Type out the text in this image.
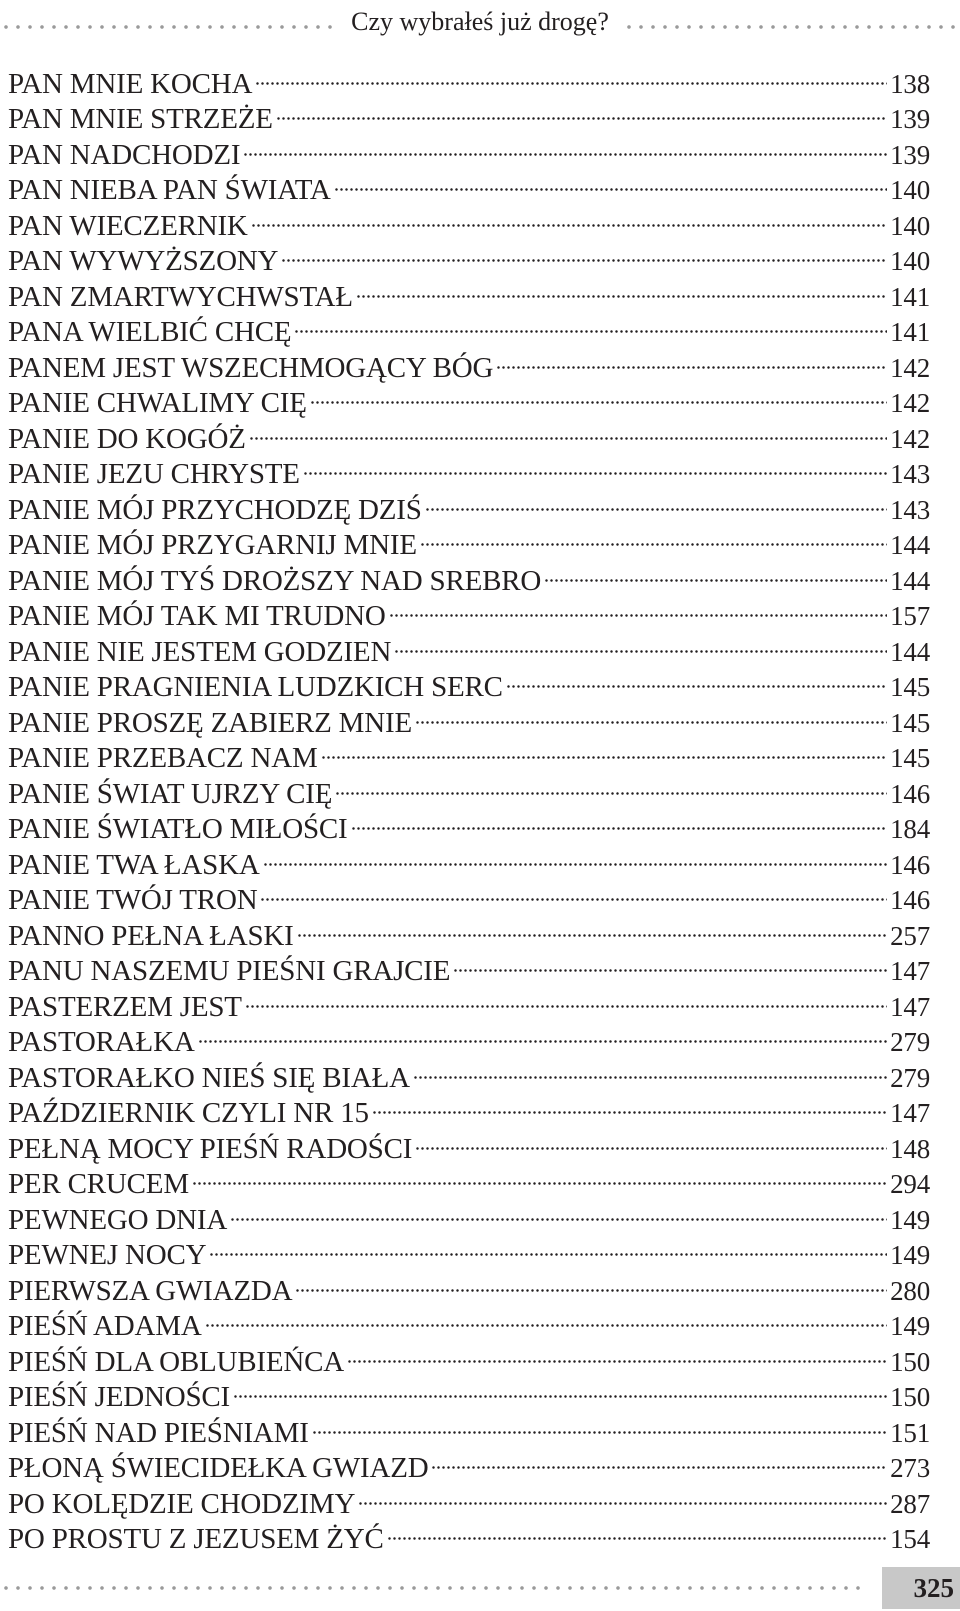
Czy wybrałeś już drogę?
PAN MNIE KOCHA	138
PAN MNIE STRZEŻE	139
PAN NADCHODZI	139
PAN NIEBA PAN ŚWIATA	140
PAN WIECZERNIK	140
PAN WYWYŻSZONY	140
PAN ZMARTWYCHWSTAŁ	141
PANA WIELBIĆ CHCĘ	141
PANEM JEST WSZECHMOGĄCY BÓG	142
PANIE CHWALIMY CIĘ	142
PANIE DO KOGÓŻ	142
PANIE JEZU CHRYSTE	143
PANIE MÓJ PRZYCHODZĘ DZIŚ	143
PANIE MÓJ PRZYGARNIJ MNIE	144
PANIE MÓJ TYŚ DROŻSZY NAD SREBRO	144
PANIE MÓJ TAK MI TRUDNO	157
PANIE NIE JESTEM GODZIEN	144
PANIE PRAGNIENIA LUDZKICH SERC	145
PANIE PROSZĘ ZABIERZ MNIE	145
PANIE PRZEBACZ NAM	145
PANIE ŚWIAT UJRZY CIĘ	146
PANIE ŚWIATŁO MIŁOŚCI	184
PANIE TWA ŁASKA	146
PANIE TWÓJ TRON	146
PANNO PEŁNA ŁASKI	257
PANU NASZEMU PIEŚNI GRAJCIE	147
PASTERZEM JEST	147
PASTORAŁKA	279
PASTORAŁKO NIEŚ SIĘ BIAŁA	279
PAŹDZIERNIK CZYLI NR 15	147
PEŁNĄ MOCY PIEŚŃ RADOŚCI	148
PER CRUCEM	294
PEWNEGO DNIA	149
PEWNEJ NOCY	149
PIERWSZA GWIAZDA	280
PIEŚŃ ADAMA	149
PIEŚŃ DLA OBLUBIEŃCA	150
PIEŚŃ JEDNOŚCI	150
PIEŚŃ NAD PIEŚNIAMI	151
PŁONĄ ŚWIECIDEŁKA GWIAZD	273
PO KOLĘDZIE CHODZIMY	287
PO PROSTU Z JEZUSEM ŻYĆ	154
325
